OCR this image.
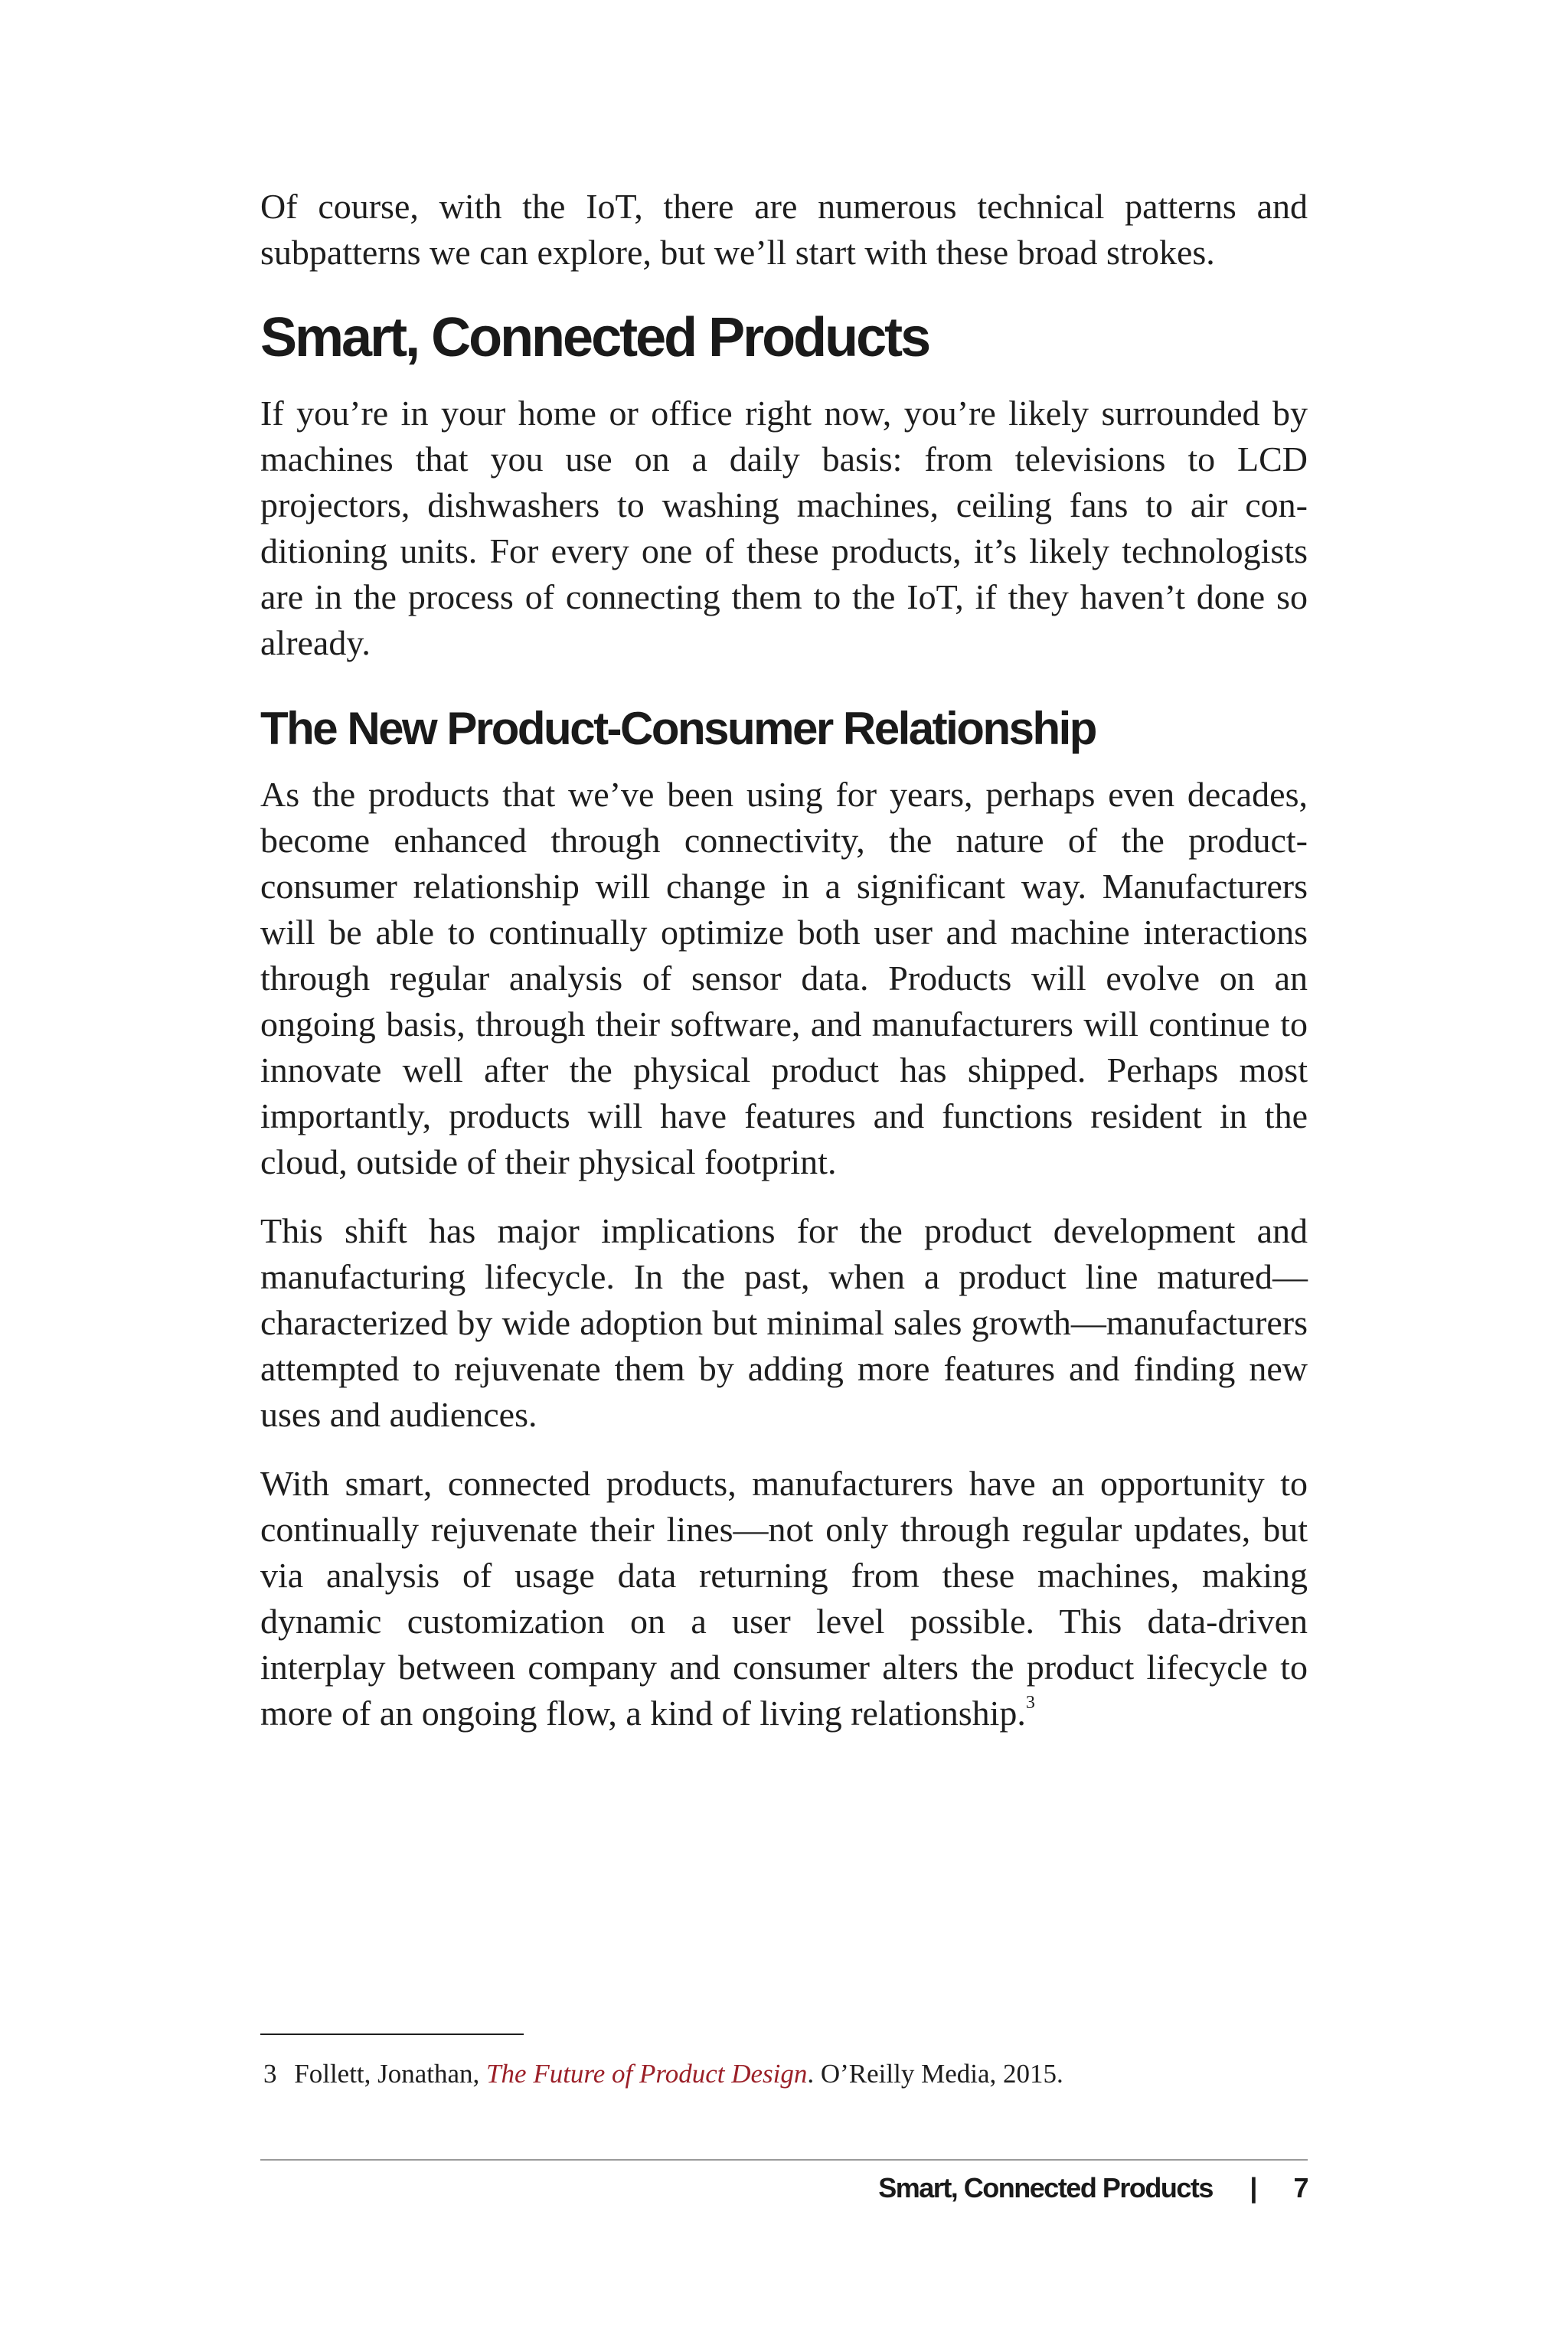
Of course, with the IoT, there are numerous technical patterns and subpatterns we can explore, but we’ll start with these broad strokes.

Smart, Connected Products

If you’re in your home or office right now, you’re likely surrounded by machines that you use on a daily basis: from televisions to LCD projectors, dishwashers to washing machines, ceiling fans to air conditioning units. For every one of these products, it’s likely technologists are in the process of connecting them to the IoT, if they haven’t done so already.

The New Product-Consumer Relationship

As the products that we’ve been using for years, perhaps even decades, become enhanced through connectivity, the nature of the product-consumer relationship will change in a significant way. Manufacturers will be able to continually optimize both user and machine interactions through regular analysis of sensor data. Products will evolve on an ongoing basis, through their software, and manufacturers will continue to innovate well after the physical product has shipped. Perhaps most importantly, products will have features and functions resident in the cloud, outside of their physical footprint.

This shift has major implications for the product development and manufacturing lifecycle. In the past, when a product line matured—characterized by wide adoption but minimal sales growth—manufacturers attempted to rejuvenate them by adding more features and finding new uses and audiences.

With smart, connected products, manufacturers have an opportunity to continually rejuvenate their lines—not only through regular updates, but via analysis of usage data returning from these machines, making dynamic customization on a user level possible. This data-driven interplay between company and consumer alters the product lifecycle to more of an ongoing flow, a kind of living relationship.$^3$

3 Follett, Jonathan, The Future of Product Design. O’Reilly Media, 2015.
Smart, Connected Products | 7
